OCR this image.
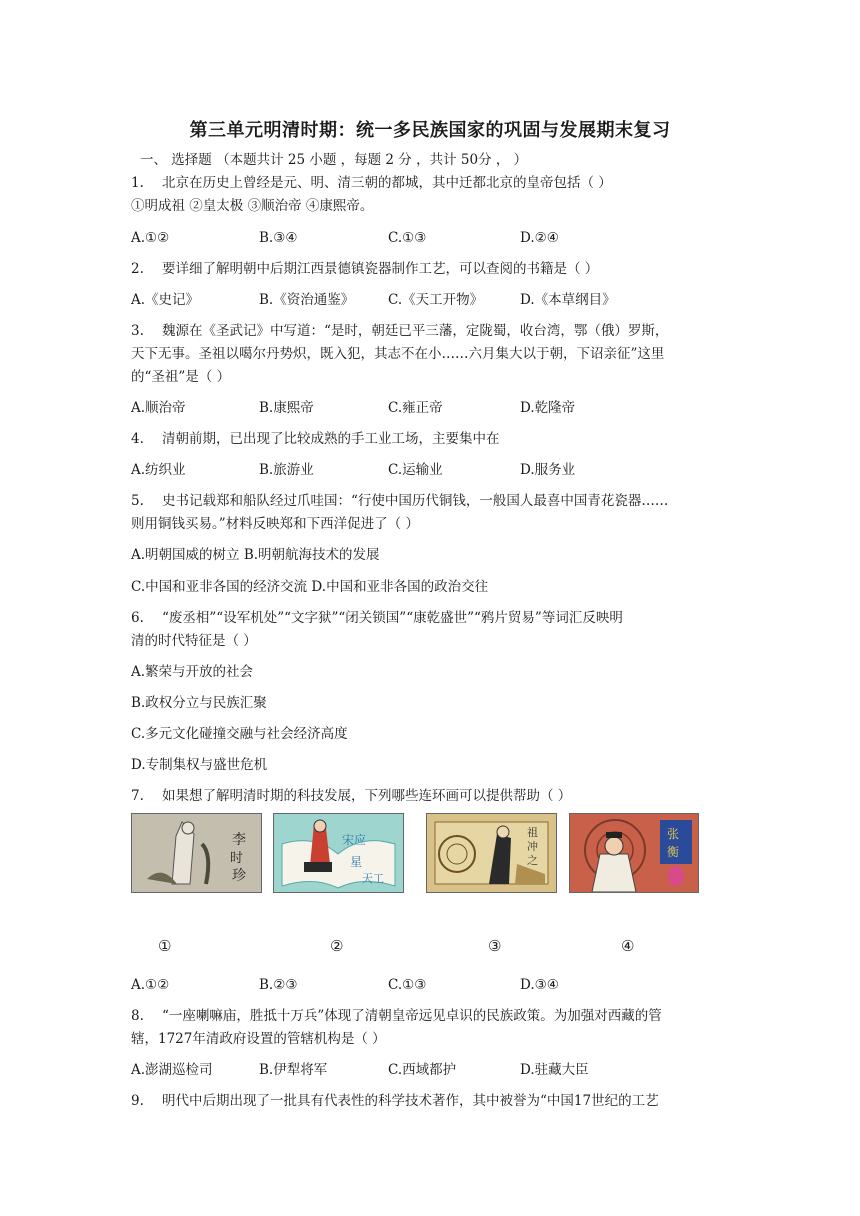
第三单元明清时期：统一多民族国家的巩固与发展期末复习
一、 选择题 （本题共计 25 小题 ，每题 2 分 ，共计 50分 ， ）
1. 北京在历史上曾经是元、明、清三朝的都城，其中迁都北京的皇帝包括（ ）
①明成祖 ②皇太极 ③顺治帝 ④康熙帝。
A.①②	B.③④	C.①③	D.②④
2. 要详细了解明朝中后期江西景德镇瓷器制作工艺，可以查阅的书籍是（ ）
A.《史记》	B.《资治通鉴》	C.《天工开物》	D.《本草纲目》
3. 魏源在《圣武记》中写道：“是时，朝廷已平三藩，定陇蜀，收台湾，鄂（俄）罗斯，
天下无事。圣祖以噶尔丹势炽，既入犯，其志不在小……六月集大以于朝，下诏亲征”这里
的“圣祖”是（ ）
A.顺治帝	B.康熙帝	C.雍正帝	D.乾隆帝
4. 清朝前期，已出现了比较成熟的手工业工场，主要集中在
A.纺织业	B.旅游业	C.运输业	D.服务业
5. 史书记载郑和船队经过爪哇国：“行使中国历代铜钱，一般国人最喜中国青花瓷器……
则用铜钱买易。”材料反映郑和下西洋促进了（ ）
A.明朝国威的树立 B.明朝航海技术的发展
C.中国和亚非各国的经济交流 D.中国和亚非各国的政治交往
6. “废丞相”“设军机处”“文字狱”“闭关锁国”“康乾盛世”“鸦片贸易”等词汇反映明
清的时代特征是（ ）
A.繁荣与开放的社会
B.政权分立与民族汇聚
C.多元文化碰撞交融与社会经济高度
D.专制集权与盛世危机
7. 如果想了解明清时期的科技发展，下列哪些连环画可以提供帮助（ ）
李
时
珍
宋应
星
天工
祖
冲
之
张
衡
①	②	③	④
A.①②	B.②③	C.①③	D.③④
8. “一座喇嘛庙，胜抵十万兵”体现了清朝皇帝远见卓识的民族政策。为加强对西藏的管
辖，1727年清政府设置的管辖机构是（ ）
A.澎湖巡检司	B.伊犁将军	C.西域都护	D.驻藏大臣
9. 明代中后期出现了一批具有代表性的科学技术著作，其中被誉为“中国17世纪的工艺
